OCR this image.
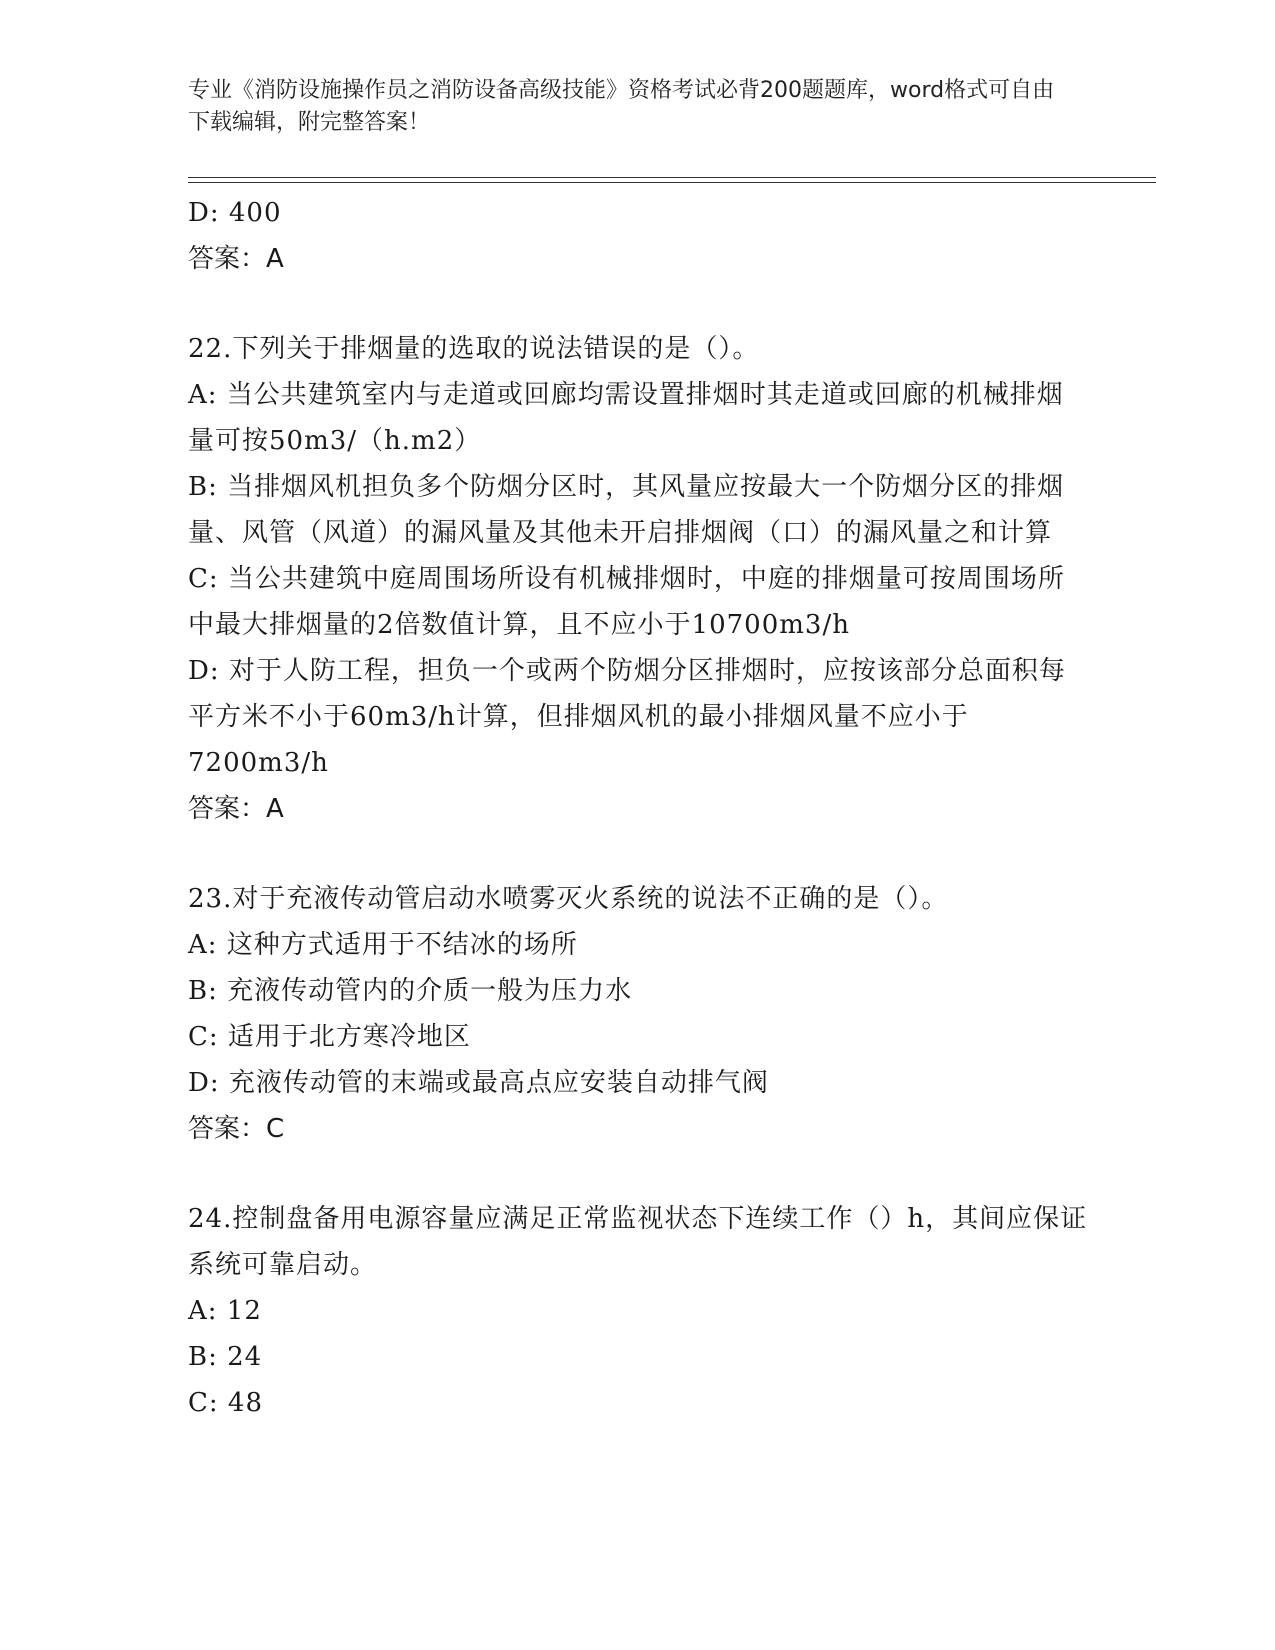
专业《消防设施操作员之消防设备高级技能》资格考试必背200题题库，word格式可自由下载编辑，附完整答案！

D: 400

答案：A

22.下列关于排烟量的选取的说法错误的是（）。

A: 当公共建筑室内与走道或回廊均需设置排烟时其走道或回廊的机械排烟量可按50m3/（h.m2）

B: 当排烟风机担负多个防烟分区时，其风量应按最大一个防烟分区的排烟量、风管（风道）的漏风量及其他未开启排烟阀（口）的漏风量之和计算

C: 当公共建筑中庭周围场所设有机械排烟时，中庭的排烟量可按周围场所中最大排烟量的2倍数值计算，且不应小于10700m3/h

D: 对于人防工程，担负一个或两个防烟分区排烟时，应按该部分总面积每平方米不小于60m3/h计算，但排烟风机的最小排烟风量不应小于7200m3/h

答案：A

23.对于充液传动管启动水喷雾灭火系统的说法不正确的是（）。

A: 这种方式适用于不结冰的场所

B: 充液传动管内的介质一般为压力水

C: 适用于北方寒冷地区

D: 充液传动管的末端或最高点应安装自动排气阀

答案：C

24.控制盘备用电源容量应满足正常监视状态下连续工作（）h，其间应保证系统可靠启动。

A: 12

B: 24

C: 48
